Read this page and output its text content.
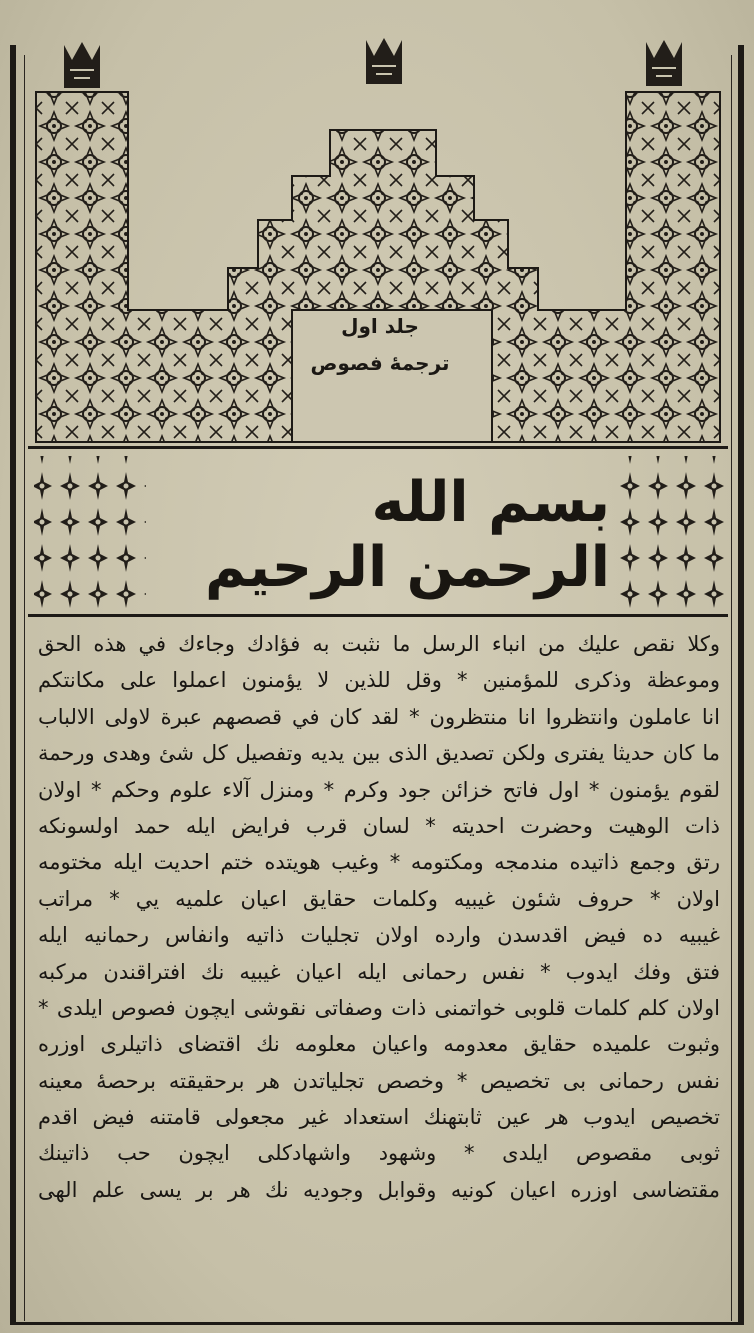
جلد اول
ترجمهٔ فصوص
بسم الله الرحمن الرحيم
وكلا نقص عليك من انباء الرسل ما نثبت به فؤادك وجاءك في هذه الحق
وموعظة وذكرى للمؤمنين * وقل للذين لا يؤمنون اعملوا على مكانتكم
انا عاملون وانتظروا انا منتظرون * لقد كان في قصصهم عبرة لاولى الالباب
ما كان حديثا يفترى ولكن تصديق الذى بين يديه وتفصيل كل شئ وهدى ورحمة
لقوم يؤمنون * اول فاتح خزائن جود وكرم * ومنزل آلاء علوم وحكم * اولان
ذات الوهيت وحضرت احديته * لسان قرب فرايض ايله حمد اولسونكه
رتق وجمع ذاتيده مندمجه ومكتومه * وغيب هويتده ختم احديت ايله مختومه
اولان * حروف شئون غيبيه وكلمات حقايق اعيان علميه يي * مراتب
غيبيه ده فيض اقدسدن وارده اولان تجليات ذاتيه وانفاس رحمانيه ايله
فتق وفك ايدوب * نفس رحمانى ايله اعيان غيبيه نك افتراقندن مركبه
اولان كلم كلمات قلوبى خواتمنى ذات وصفاتى نقوشى ايچون فصوص ايلدى *
وثبوت علميده حقايق معدومه واعيان معلومه نك اقتضاى ذاتيلرى اوزره
نفس رحمانى بى تخصيص * وخصص تجلياتدن هر برحقيقته برحصهٔ معينه
تخصيص ايدوب هر عين ثابتهنك استعداد غير مجعولى قامتنه فيض اقدم
ثوبى مقصوص ايلدى * وشهود واشهادكلى ايچون حب ذاتينك
مقتضاسى اوزره اعيان كونيه وقوابل وجوديه نك هر بر يسى علم الهى
